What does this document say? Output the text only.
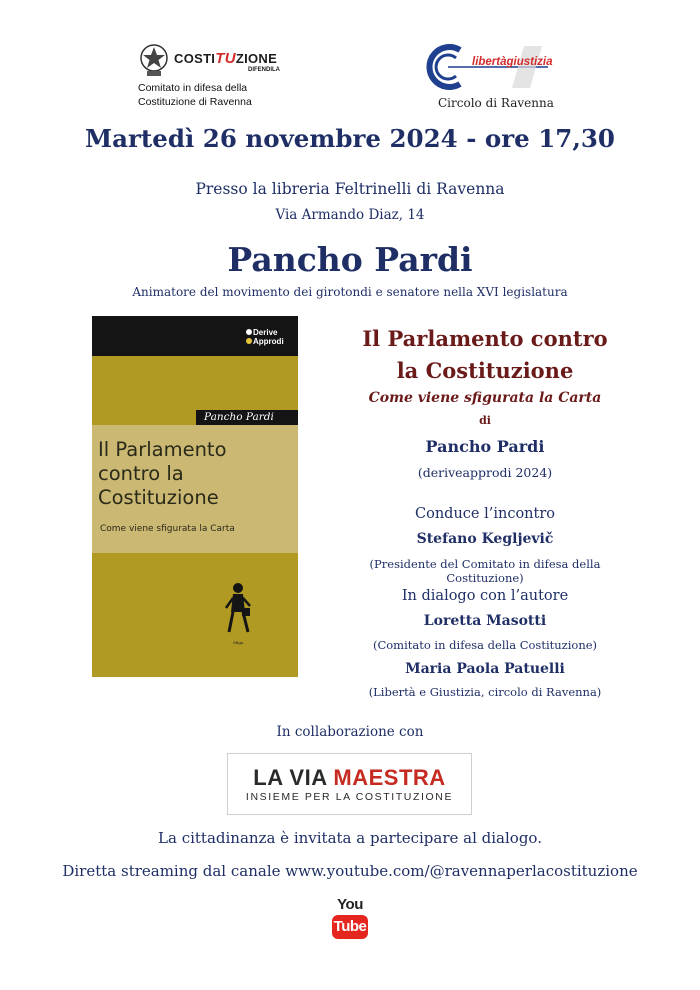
COSTITUZIONE
DIFENDILA
Comitato in difesa della
Costituzione di Ravenna
libertàgiustizia
Circolo di Ravenna
Martedì 26 novembre 2024 - ore 17,30
Presso la libreria Feltrinelli di Ravenna
Via Armando Diaz, 14
Pancho Pardi
Animatore del movimento dei girotondi e senatore nella XVI legislatura
Derive
Approdi
Pancho Pardi
Il Parlamento
contro la
Costituzione
Come viene sfigurata la Carta
Sfiga
Il Parlamento contro
la Costituzione
Come viene sfigurata la Carta
di
Pancho Pardi
(deriveapprodi 2024)
Conduce l’incontro
Stefano Kegljevič
(Presidente del Comitato in difesa della Costituzione)
In dialogo con l’autore
Loretta Masotti
(Comitato in difesa della Costituzione)
Maria Paola Patuelli
(Libertà e Giustizia, circolo di Ravenna)
In collaborazione con
LA VIA MAESTRA
INSIEME PER LA COSTITUZIONE
La cittadinanza è invitata a partecipare al dialogo.
Diretta streaming dal canale www.youtube.com/@ravennaperlacostituzione
You
Tube
